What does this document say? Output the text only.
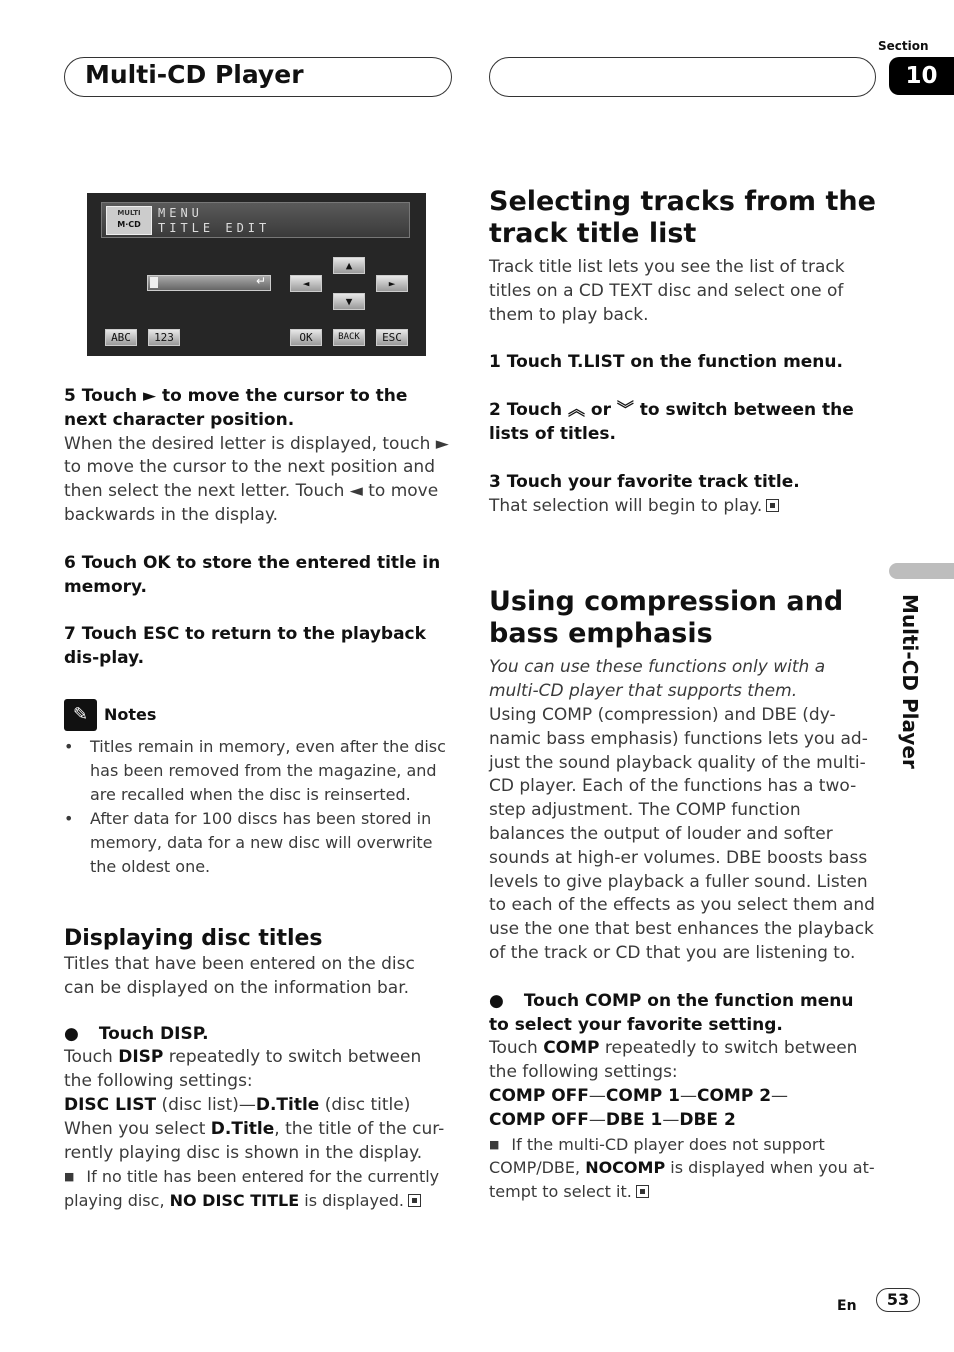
Multi-CD Player
Section
10
MULTI
M·CD
MENU
TITLE EDIT
↵	◄
▲
▼
►
ABC	123	OK	BACK	ESC
5 Touch ► to move the cursor to the next character position.
When the desired letter is displayed, touch ► to move the cursor to the next position and then select the next letter. Touch ◄ to move backwards in the display.
6 Touch OK to store the entered title in memory.
7 Touch ESC to return to the playback dis-play.
✎ Notes
• Titles remain in memory, even after the disc has been removed from the magazine, and are recalled when the disc is reinserted.
• After data for 100 discs has been stored in memory, data for a new disc will overwrite the oldest one.
Displaying disc titles
Titles that have been entered on the disc can be displayed on the information bar.
● Touch DISP.
Touch DISP repeatedly to switch between the following settings:
DISC LIST (disc list)—D.Title (disc title)
When you select D.Title, the title of the cur-rently playing disc is shown in the display.
■ If no title has been entered for the currently playing disc, NO DISC TITLE is displayed.
Selecting tracks from the track title list
Track title list lets you see the list of track titles on a CD TEXT disc and select one of them to play back.
1 Touch T.LIST on the function menu.
2 Touch ︽ or ︾ to switch between the lists of titles.
3 Touch your favorite track title.
That selection will begin to play.
Using compression and bass emphasis
You can use these functions only with a multi-CD player that supports them.
Using COMP (compression) and DBE (dy-namic bass emphasis) functions lets you ad-just the sound playback quality of the multi-CD player. Each of the functions has a two-step adjustment. The COMP function balances the output of louder and softer sounds at high-er volumes. DBE boosts bass levels to give playback a fuller sound. Listen to each of the effects as you select them and use the one that best enhances the playback of the track or CD that you are listening to.
● Touch COMP on the function menu to select your favorite setting.
Touch COMP repeatedly to switch between the following settings:
COMP OFF—COMP 1—COMP 2—
COMP OFF—DBE 1—DBE 2
■ If the multi-CD player does not support COMP/DBE, NOCOMP is displayed when you at-tempt to select it.
Multi-CD Player
En	53
